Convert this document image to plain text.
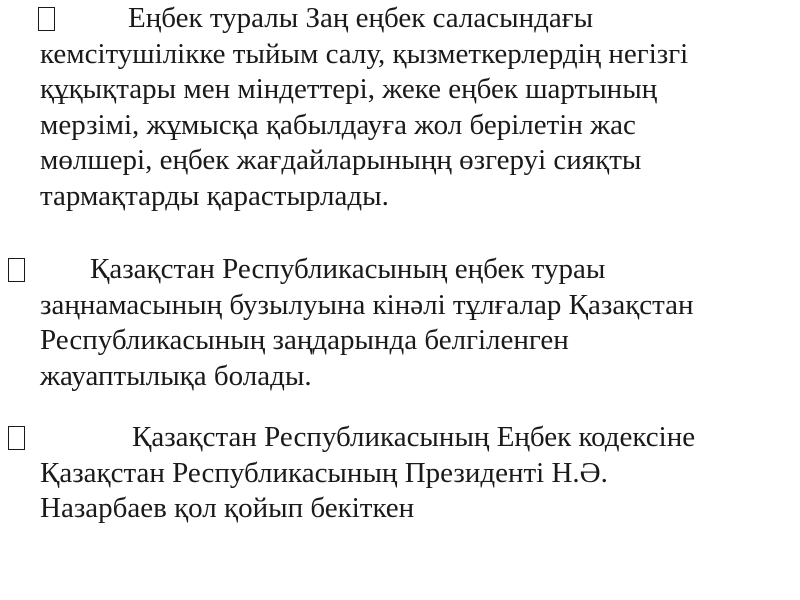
Еңбек туралы Заң еңбек саласындағы
кемсітушілікке тыйым салу, қызметкерлердің негізгі
құқықтары мен міндеттері, жеке еңбек шартының
мерзімі, жұмысқа қабылдауға жол берілетін жас
мөлшері, еңбек жағдайларыныңң өзгеруі сияқты
тармақтарды қарастырлады.
Қазақстан Республикасының еңбек тураы
заңнамасының бузылуына кінәлі тұлғалар Қазақстан
Республикасының заңдарында белгіленген
жауаптылықа болады.
Қазақстан Республикасының Еңбек кодексіне
Қазақстан Республикасының Президенті Н.Ә.
Назарбаев қол қойып бекіткен
